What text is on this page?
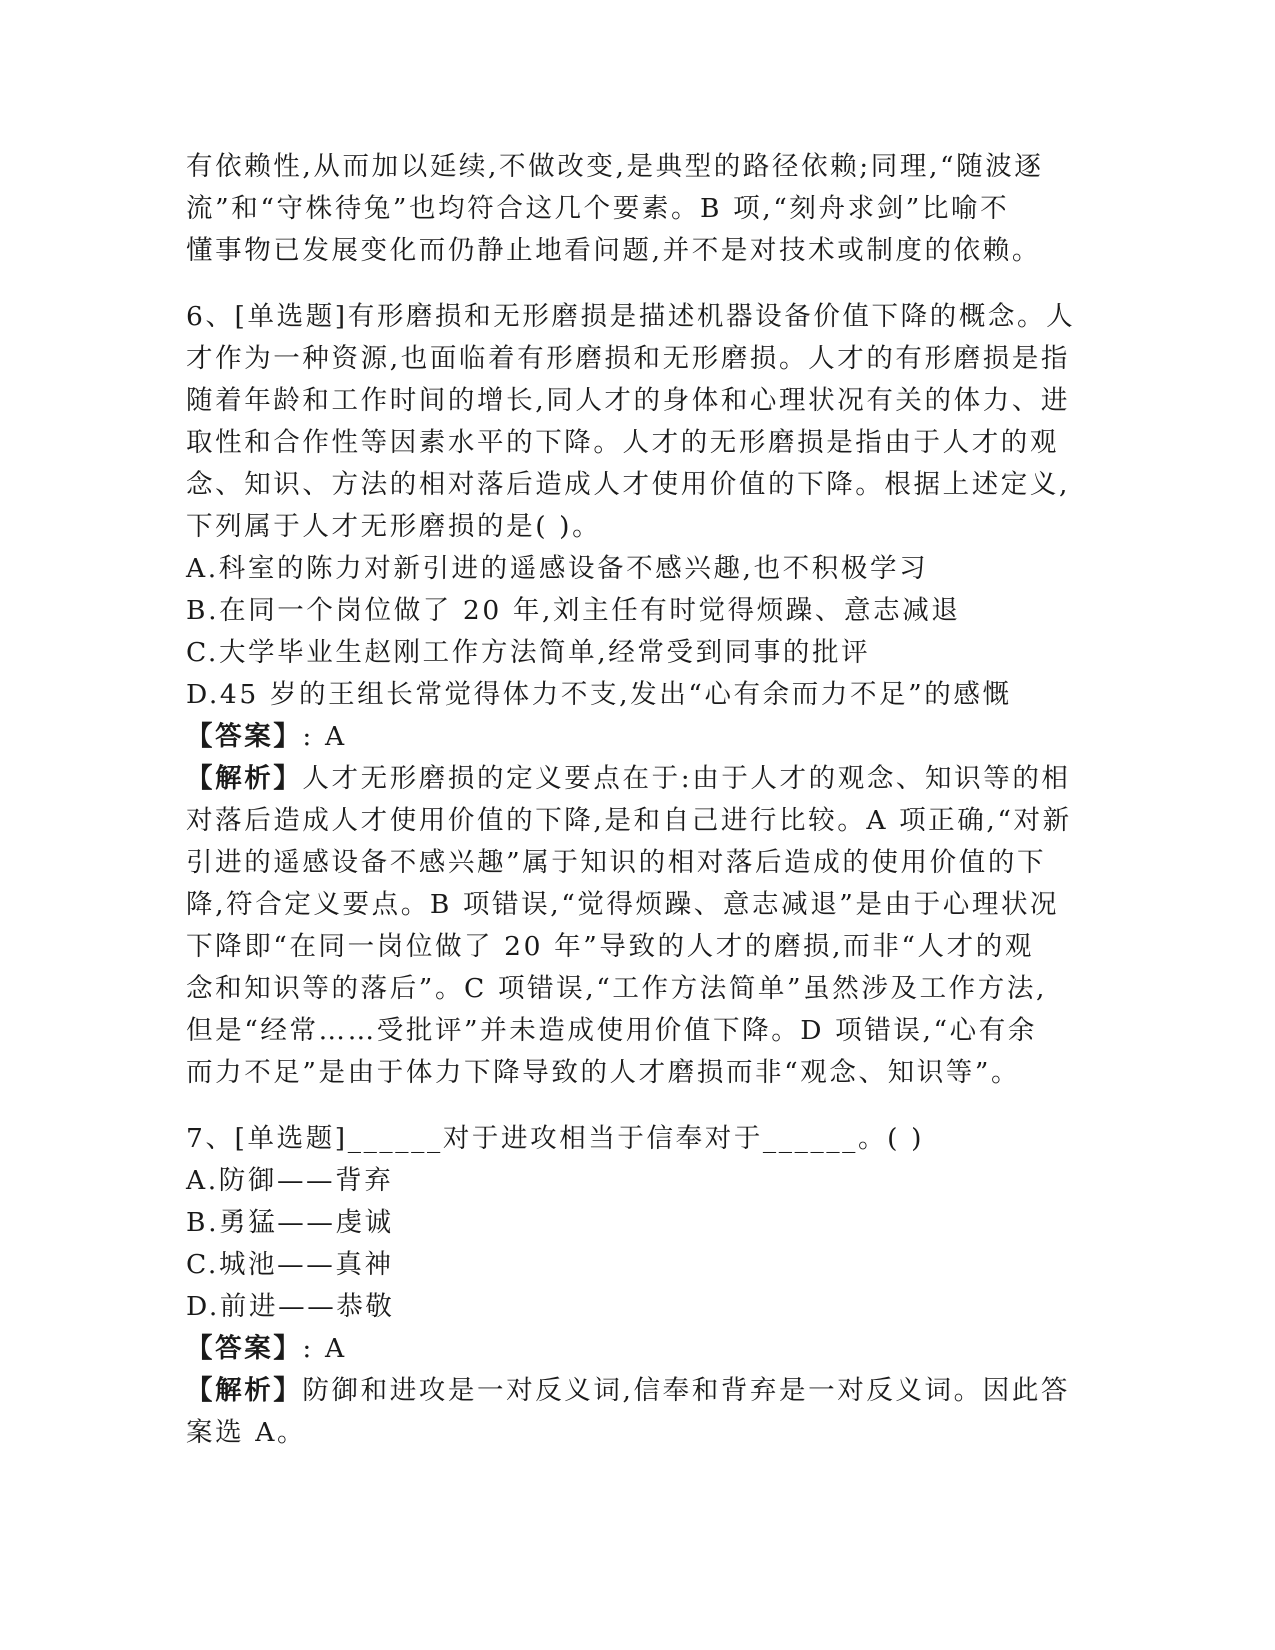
有依赖性,从而加以延续,不做改变,是典型的路径依赖;同理,“随波逐
流”和“守株待兔”也均符合这几个要素。B 项,“刻舟求剑”比喻不
懂事物已发展变化而仍静止地看问题,并不是对技术或制度的依赖。
6、[单选题]有形磨损和无形磨损是描述机器设备价值下降的概念。人
才作为一种资源,也面临着有形磨损和无形磨损。人才的有形磨损是指
随着年龄和工作时间的增长,同人才的身体和心理状况有关的体力、进
取性和合作性等因素水平的下降。人才的无形磨损是指由于人才的观
念、知识、方法的相对落后造成人才使用价值的下降。根据上述定义,
下列属于人才无形磨损的是( )。
A.科室的陈力对新引进的遥感设备不感兴趣,也不积极学习
B.在同一个岗位做了 20 年,刘主任有时觉得烦躁、意志减退
C.大学毕业生赵刚工作方法简单,经常受到同事的批评
D.45 岁的王组长常觉得体力不支,发出“心有余而力不足”的感慨
【答案】: A
【解析】人才无形磨损的定义要点在于:由于人才的观念、知识等的相
对落后造成人才使用价值的下降,是和自己进行比较。A 项正确,“对新
引进的遥感设备不感兴趣”属于知识的相对落后造成的使用价值的下
降,符合定义要点。B 项错误,“觉得烦躁、意志减退”是由于心理状况
下降即“在同一岗位做了 20 年”导致的人才的磨损,而非“人才的观
念和知识等的落后”。C 项错误,“工作方法简单”虽然涉及工作方法,
但是“经常……受批评”并未造成使用价值下降。D 项错误,“心有余
而力不足”是由于体力下降导致的人才磨损而非“观念、知识等”。
7、[单选题]______对于进攻相当于信奉对于______。( )
A.防御——背弃
B.勇猛——虔诚
C.城池——真神
D.前进——恭敬
【答案】: A
【解析】防御和进攻是一对反义词,信奉和背弃是一对反义词。因此答
案选 A。
